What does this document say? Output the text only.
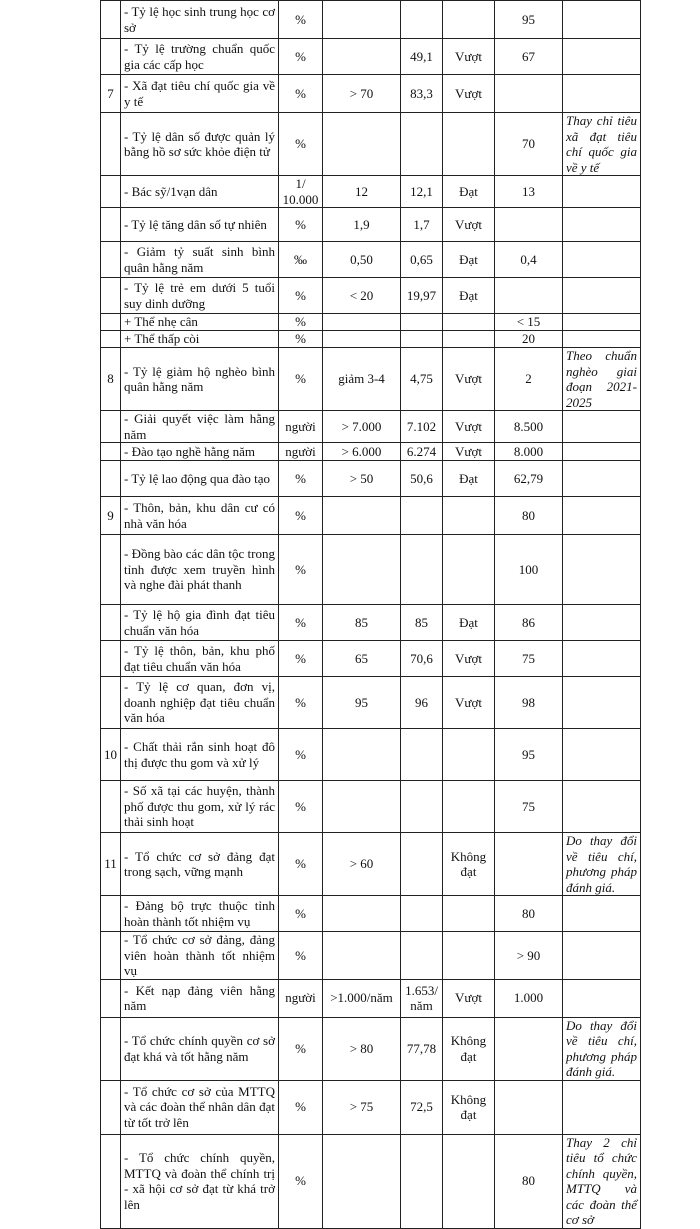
	- Tỷ lệ học sinh trung học cơ sở	%				95	
	- Tỷ lệ trường chuẩn quốc gia các cấp học	%		49,1	Vượt	67	
7	- Xã đạt tiêu chí quốc gia về y tế	%	> 70	83,3	Vượt		
	- Tỷ lệ dân số được quản lý bằng hồ sơ sức khỏe điện tử	%				70	Thay chỉ tiêu xã đạt tiêu chí quốc gia về y tế
	- Bác sỹ/1vạn dân	1/ 10.000	12	12,1	Đạt	13	
	- Tỷ lệ tăng dân số tự nhiên	%	1,9	1,7	Vượt		
	- Giảm tỷ suất sinh bình quân hằng năm	‰	0,50	0,65	Đạt	0,4	
	- Tỷ lệ trẻ em dưới 5 tuổi suy dinh dưỡng	%	< 20	19,97	Đạt		
	+ Thể nhẹ cân	%				< 15	
	+ Thể thấp còi	%				20	
8	- Tỷ lệ giảm hộ nghèo bình quân hằng năm	%	giảm 3-4	4,75	Vượt	2	Theo chuẩn nghèo giai đoạn 2021-2025
	- Giải quyết việc làm hằng năm	người	> 7.000	7.102	Vượt	8.500	
	- Đào tạo nghề hằng năm	người	> 6.000	6.274	Vượt	8.000	
	- Tỷ lệ lao động qua đào tạo	%	> 50	50,6	Đạt	62,79	
9	- Thôn, bản, khu dân cư có nhà văn hóa	%				80	
	- Đồng bào các dân tộc trong tỉnh được xem truyền hình và nghe đài phát thanh	%				100	
	- Tỷ lệ hộ gia đình đạt tiêu chuẩn văn hóa	%	85	85	Đạt	86	
	- Tỷ lệ thôn, bản, khu phố đạt tiêu chuẩn văn hóa	%	65	70,6	Vượt	75	
	- Tỷ lệ cơ quan, đơn vị, doanh nghiệp đạt tiêu chuẩn văn hóa	%	95	96	Vượt	98	
10	- Chất thải rắn sinh hoạt đô thị được thu gom và xử lý	%				95	
	- Số xã tại các huyện, thành phố được thu gom, xử lý rác thải sinh hoạt	%				75	
11	- Tổ chức cơ sở đảng đạt trong sạch, vững mạnh	%	> 60		Không đạt		Do thay đổi về tiêu chí, phương pháp đánh giá.
	- Đảng bộ trực thuộc tỉnh hoàn thành tốt nhiệm vụ	%				80	
	- Tổ chức cơ sở đảng, đảng viên hoàn thành tốt nhiệm vụ	%				> 90	
	- Kết nạp đảng viên hằng năm	người	>1.000/năm	1.653/ năm	Vượt	1.000	
	- Tổ chức chính quyền cơ sở đạt khá và tốt hằng năm	%	> 80	77,78	Không đạt		Do thay đổi về tiêu chí, phương pháp đánh giá.
	- Tổ chức cơ sở của MTTQ và các đoàn thể nhân dân đạt từ tốt trở lên	%	> 75	72,5	Không đạt		
	- Tổ chức chính quyền, MTTQ và đoàn thể chính trị - xã hội cơ sở đạt từ khá trở lên	%				80	Thay 2 chỉ tiêu tổ chức chính quyền, MTTQ và các đoàn thể cơ sở
